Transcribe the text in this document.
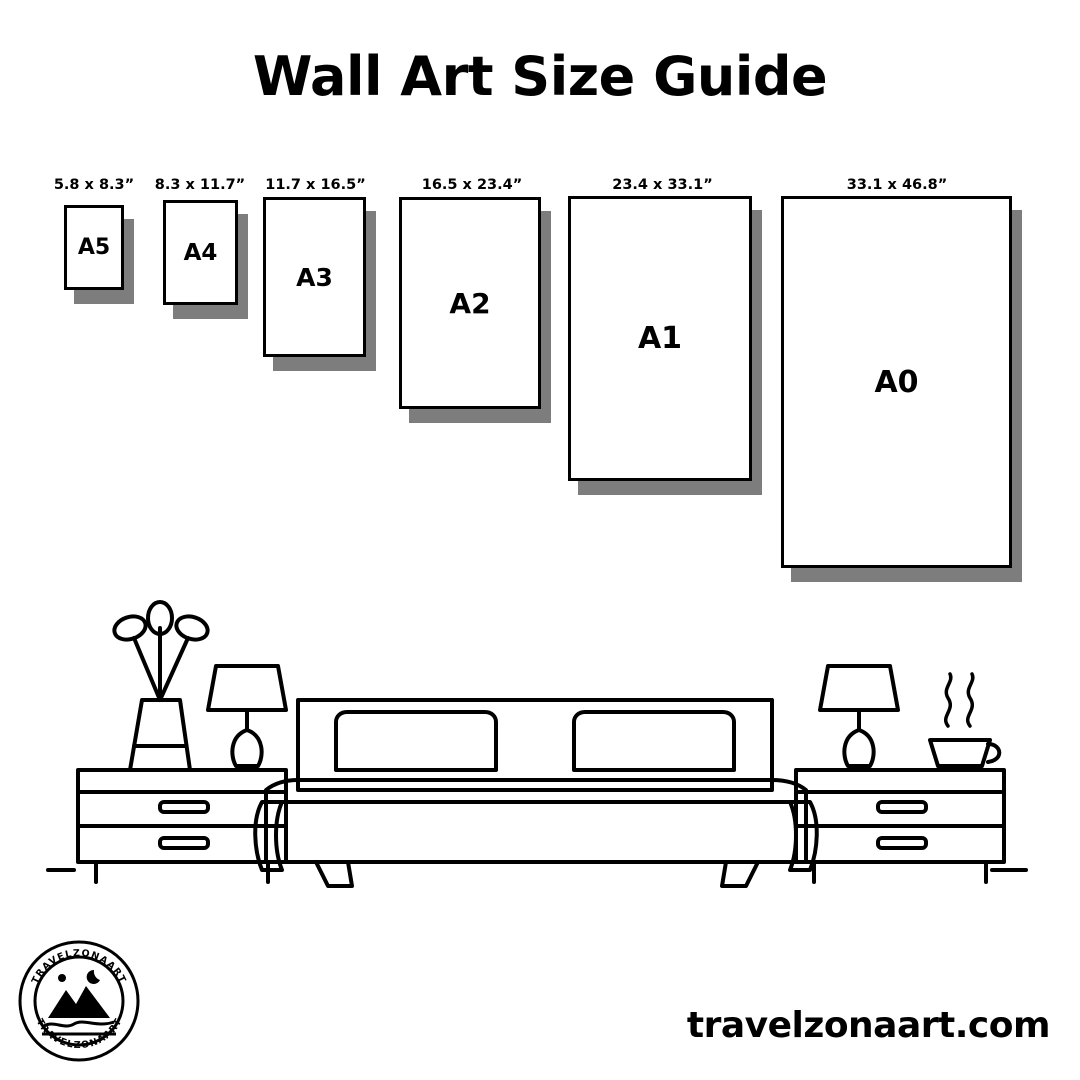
Wall Art Size Guide
A5
5.8 x 8.3”
A4
8.3 x 11.7”
A3
11.7 x 16.5”
A2
16.5 x 23.4”
A1
23.4 x 33.1”
A0
33.1 x 46.8”
TRAVELZONAART
TRAVELZONAART	travelzonaart.com
